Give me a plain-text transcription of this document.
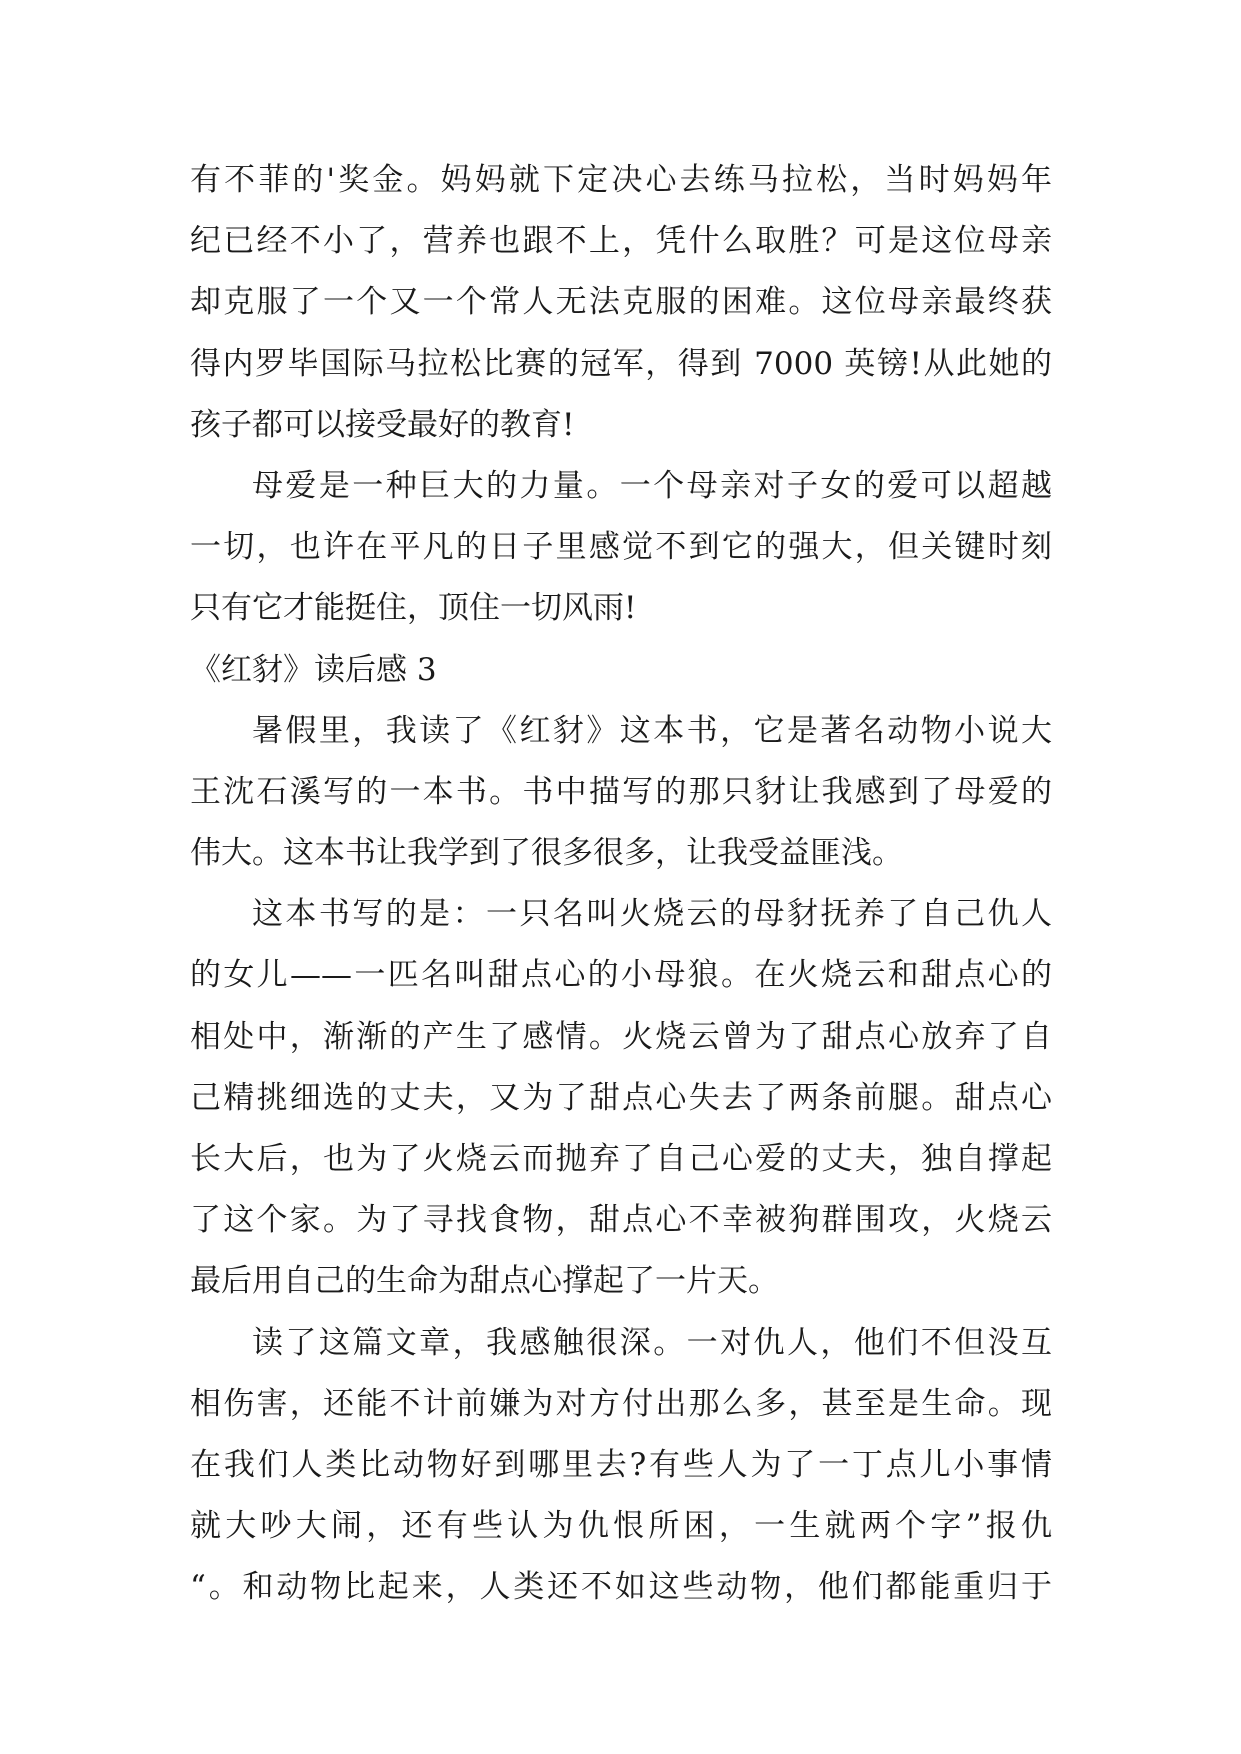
有不菲的'奖金。妈妈就下定决心去练马拉松，当时妈妈年
纪已经不小了，营养也跟不上，凭什么取胜？可是这位母亲
却克服了一个又一个常人无法克服的困难。这位母亲最终获
得内罗毕国际马拉松比赛的冠军，得到 7000 英镑!从此她的
孩子都可以接受最好的教育!
母爱是一种巨大的力量。一个母亲对子女的爱可以超越
一切，也许在平凡的日子里感觉不到它的强大，但关键时刻
只有它才能挺住，顶住一切风雨!
《红豺》读后感 3
暑假里，我读了《红豺》这本书，它是著名动物小说大
王沈石溪写的一本书。书中描写的那只豺让我感到了母爱的
伟大。这本书让我学到了很多很多，让我受益匪浅。
这本书写的是：一只名叫火烧云的母豺抚养了自己仇人
的女儿——一匹名叫甜点心的小母狼。在火烧云和甜点心的
相处中，渐渐的产生了感情。火烧云曾为了甜点心放弃了自
己精挑细选的丈夫，又为了甜点心失去了两条前腿。甜点心
长大后，也为了火烧云而抛弃了自己心爱的丈夫，独自撑起
了这个家。为了寻找食物，甜点心不幸被狗群围攻，火烧云
最后用自己的生命为甜点心撑起了一片天。
读了这篇文章，我感触很深。一对仇人，他们不但没互
相伤害，还能不计前嫌为对方付出那么多，甚至是生命。现
在我们人类比动物好到哪里去?有些人为了一丁点儿小事情
就大吵大闹，还有些认为仇恨所困，一生就两个字”报仇
“。和动物比起来，人类还不如这些动物，他们都能重归于
